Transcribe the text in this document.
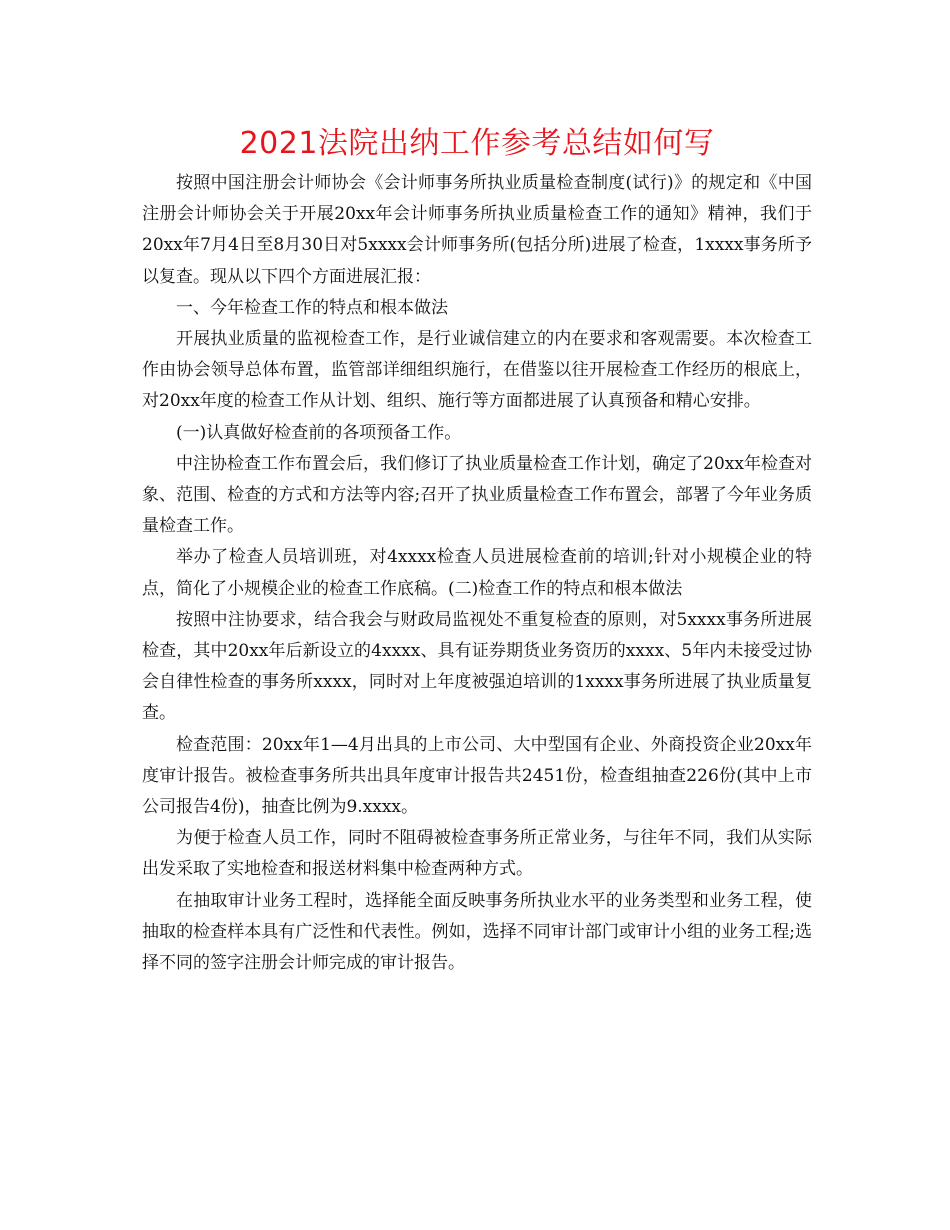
2021法院出纳工作参考总结如何写

按照中国注册会计师协会《会计师事务所执业质量检查制度(试行)》的规定和《中国注册会计师协会关于开展20xx年会计师事务所执业质量检查工作的通知》精神，我们于20xx年7月4日至8月30日对5xxxx会计师事务所(包括分所)进展了检查，1xxxx事务所予以复查。现从以下四个方面进展汇报：

一、今年检查工作的特点和根本做法

开展执业质量的监视检查工作，是行业诚信建立的内在要求和客观需要。本次检查工作由协会领导总体布置，监管部详细组织施行，在借鉴以往开展检查工作经历的根底上，对20xx年度的检查工作从计划、组织、施行等方面都进展了认真预备和精心安排。

(一)认真做好检查前的各项预备工作。

中注协检查工作布置会后，我们修订了执业质量检查工作计划，确定了20xx年检查对象、范围、检查的方式和方法等内容;召开了执业质量检查工作布置会，部署了今年业务质量检查工作。

举办了检查人员培训班，对4xxxx检查人员进展检查前的培训;针对小规模企业的特点，简化了小规模企业的检查工作底稿。(二)检查工作的特点和根本做法

按照中注协要求，结合我会与财政局监视处不重复检查的原则，对5xxxx事务所进展检查，其中20xx年后新设立的4xxxx、具有证券期货业务资历的xxxx、5年内未接受过协会自律性检查的事务所xxxx，同时对上年度被强迫培训的1xxxx事务所进展了执业质量复查。

检查范围：20xx年1—4月出具的上市公司、大中型国有企业、外商投资企业20xx年度审计报告。被检查事务所共出具年度审计报告共2451份，检查组抽查226份(其中上市公司报告4份)，抽查比例为9.xxxx。

为便于检查人员工作，同时不阻碍被检查事务所正常业务，与往年不同，我们从实际出发采取了实地检查和报送材料集中检查两种方式。

在抽取审计业务工程时，选择能全面反映事务所执业水平的业务类型和业务工程，使抽取的检查样本具有广泛性和代表性。例如，选择不同审计部门或审计小组的业务工程;选择不同的签字注册会计师完成的审计报告。
